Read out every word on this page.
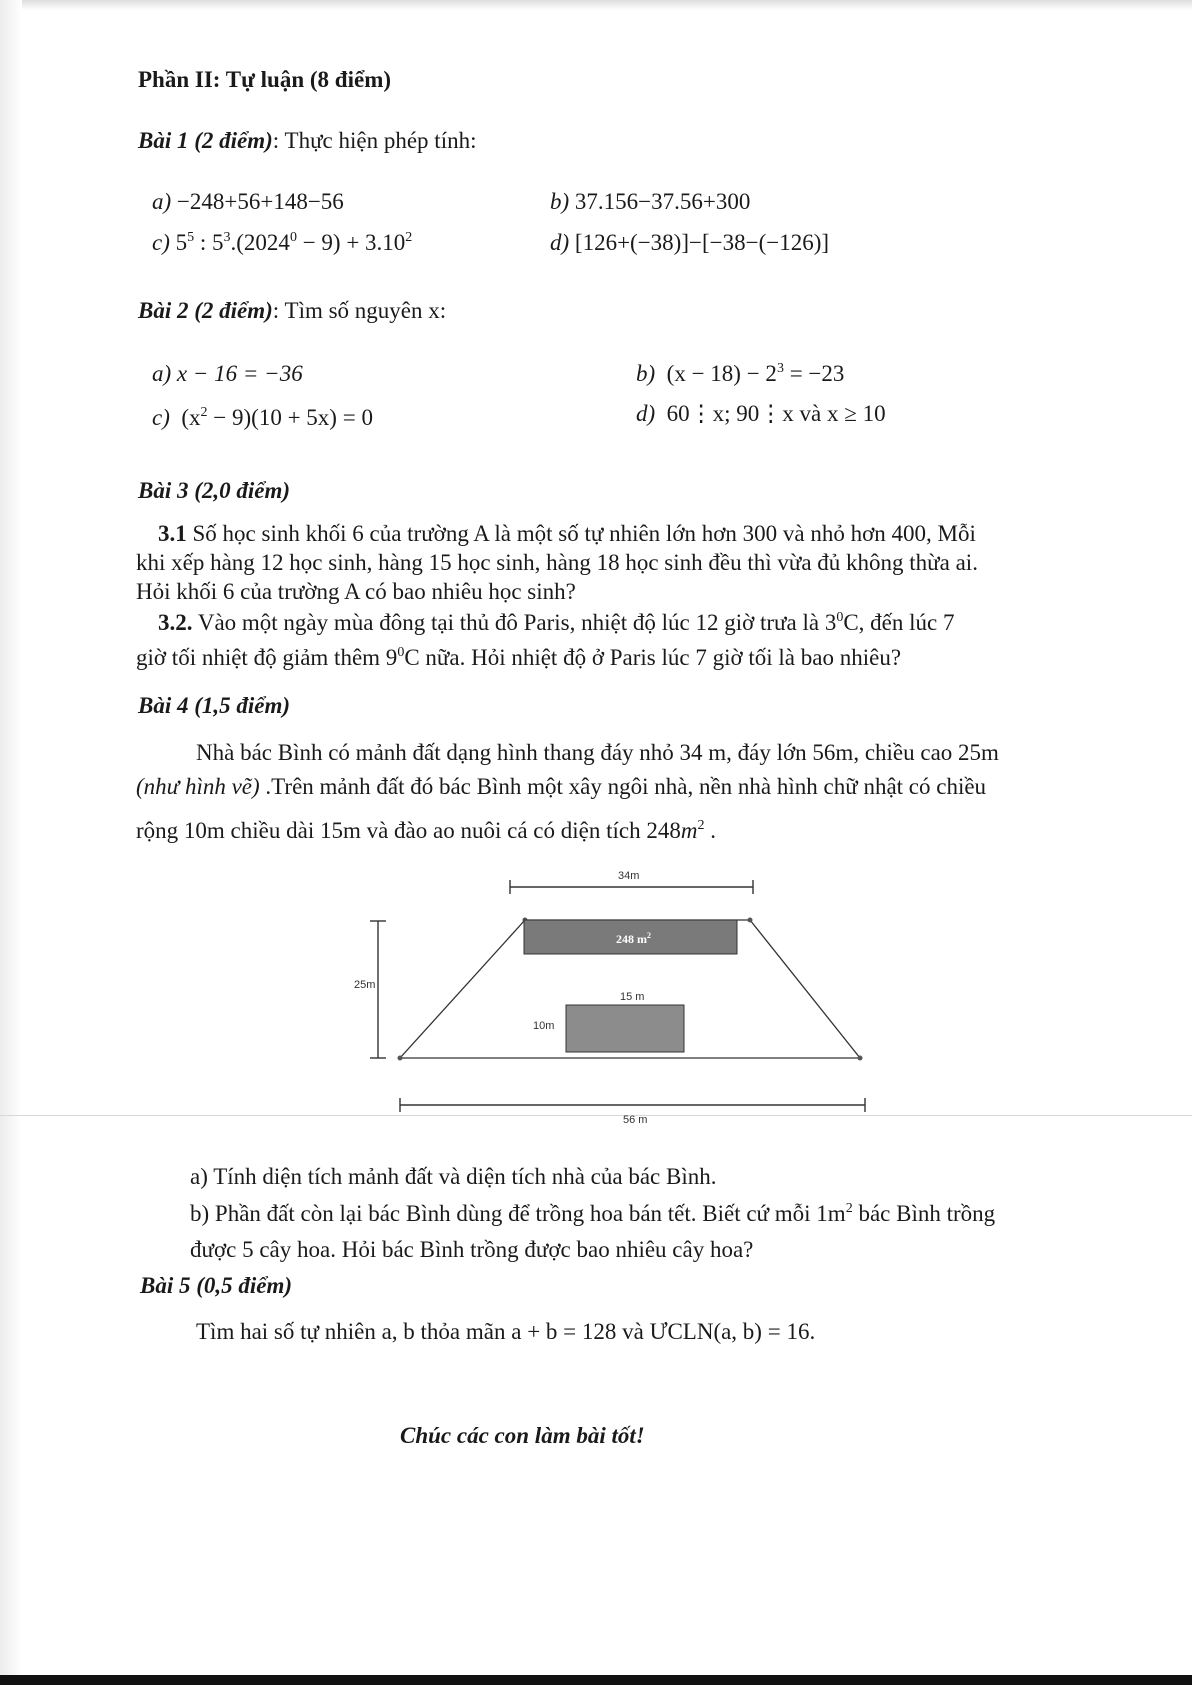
Phần II: Tự luận (8 điểm)
Bài 1 (2 điểm): Thực hiện phép tính:
a) −248+56+148−56	b) 37.156−37.56+300
c) $5^5$ : $5^3.(2024^0 - 9) + 3.10^2$	d) [126+(−38)]−[−38−(−126)]
Bài 2 (2 điểm): Tìm số nguyên x:
a) x − 16 = −36	b) $(x - 18) - 2^3 = -23$
c) $(x^2 - 9)(10 + 5x) = 0$	d) 60⋮x; 90⋮x và x ≥ 10
Bài 3 (2,0 điểm)
3.1 Số học sinh khối 6 của trường A là một số tự nhiên lớn hơn 300 và nhỏ hơn 400, Mỗi
khi xếp hàng 12 học sinh, hàng 15 học sinh, hàng 18 học sinh đều thì vừa đủ không thừa ai.
Hỏi khối 6 của trường A có bao nhiêu học sinh?
3.2. Vào một ngày mùa đông tại thủ đô Paris, nhiệt độ lúc 12 giờ trưa là $3^0C$, đến lúc 7
giờ tối nhiệt độ giảm thêm $9^0C$ nữa. Hỏi nhiệt độ ở Paris lúc 7 giờ tối là bao nhiêu?
Bài 4 (1,5 điểm)
Nhà bác Bình có mảnh đất dạng hình thang đáy nhỏ 34 m, đáy lớn 56m, chiều cao 25m
(như hình vẽ) .Trên mảnh đất đó bác Bình một xây ngôi nhà, nền nhà hình chữ nhật có chiều
rộng 10m chiều dài 15m và đào ao nuôi cá có diện tích $248m^2$ .
34m
25m
248 $m^2$
15 m
10m
56 m
a) Tính diện tích mảnh đất và diện tích nhà của bác Bình.
b) Phần đất còn lại bác Bình dùng để trồng hoa bán tết. Biết cứ mỗi $1m^2$ bác Bình trồng
được 5 cây hoa. Hỏi bác Bình trồng được bao nhiêu cây hoa?
Bài 5 (0,5 điểm)
Tìm hai số tự nhiên a, b thỏa mãn a + b = 128 và ƯCLN(a, b) = 16.
Chúc các con làm bài tốt!
